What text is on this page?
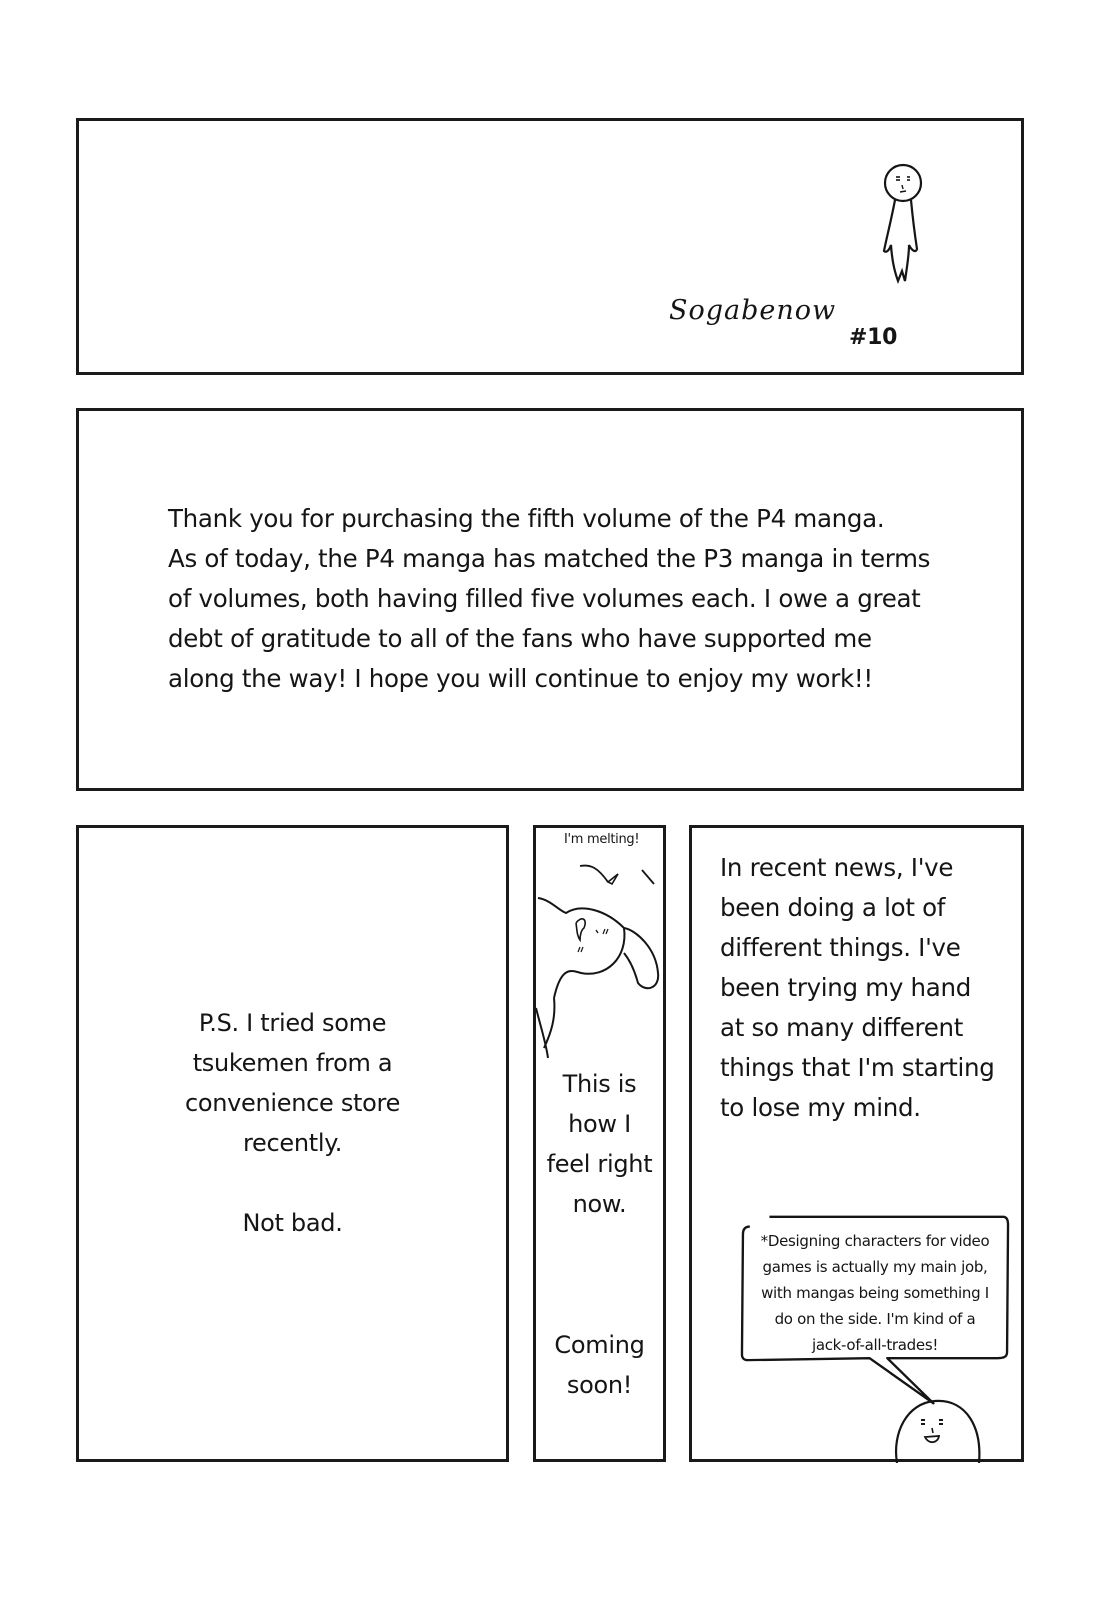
Sogabenow
#10
Thank you for purchasing the fifth volume of the P4 manga.
As of today, the P4 manga has matched the P3 manga in terms
of volumes, both having filled five volumes each. I owe a great
debt of gratitude to all of the fans who have supported me
along the way! I hope you will continue to enjoy my work!!
P.S. I tried some
tsukemen from a
convenience store
recently.
Not bad.
I'm melting!
This is
how I
feel right
now.
Coming
soon!
In recent news, I've
been doing a lot of
different things. I've
been trying my hand
at so many different
things that I'm starting
to lose my mind.
*Designing characters for video
games is actually my main job,
with mangas being something I
do on the side. I'm kind of a
jack-of-all-trades!
